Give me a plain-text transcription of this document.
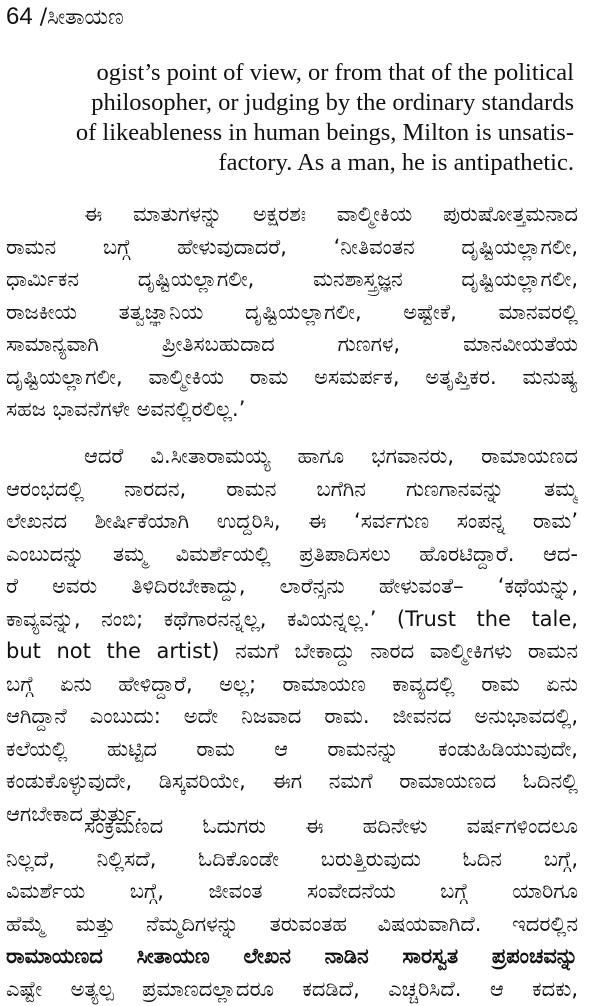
64 /ಸೀತಾಯಣ
ogist’s point of view, or from that of the political
philosopher, or judging by the ordinary standards
of likeableness in human beings, Milton is unsatis-
factory. As a man, he is antipathetic.
ಈ ಮಾತುಗಳನ್ನು ಅಕ್ಷರಶಃ ವಾಲ್ಮೀಕಿಯ ಪುರುಷೋತ್ತಮನಾದ
ರಾಮನ ಬಗ್ಗೆ ಹೇಳುವುದಾದರೆ, ‘ನೀತಿವಂತನ ದೃಷ್ಟಿಯಲ್ಲಾಗಲೀ,
ಧಾರ್ಮಿಕನ ದೃಷ್ಟಿಯಲ್ಲಾಗಲೀ, ಮನಶಾಸ್ತ್ರಜ್ಞನ ದೃಷ್ಟಿಯಲ್ಲಾಗಲೀ,
ರಾಜಕೀಯ ತತ್ವಜ್ಞಾನಿಯ ದೃಷ್ಟಿಯಲ್ಲಾಗಲೀ, ಅಷ್ಟೇಕೆ, ಮಾನವರಲ್ಲಿ
ಸಾಮಾನ್ಯವಾಗಿ ಪ್ರೀತಿಸಬಹುದಾದ ಗುಣಗಳ, ಮಾನವೀಯತೆಯ
ದೃಷ್ಟಿಯಲ್ಲಾಗಲೀ, ವಾಲ್ಮೀಕಿಯ ರಾಮ ಅಸಮರ್ಪಕ, ಅತೃಪ್ತಿಕರ. ಮನುಷ್ಯ
ಸಹಜ ಭಾವನೆಗಳೇ ಅವನಲ್ಲಿರಲಿಲ್ಲ.’
ಆದರೆ ವಿ.ಸೀತಾರಾಮಯ್ಯ ಹಾಗೂ ಭಗವಾನರು, ರಾಮಾಯಣದ
ಆರಂಭದಲ್ಲಿ ನಾರದನ, ರಾಮನ ಬಗೆಗಿನ ಗುಣಗಾನವನ್ನು ತಮ್ಮ
ಲೇಖನದ ಶೀರ್ಷಿಕೆಯಾಗಿ ಉದ್ದರಿಸಿ, ಈ ‘ಸರ್ವಗುಣ ಸಂಪನ್ನ ರಾಮ’
ಎಂಬುದನ್ನು ತಮ್ಮ ವಿಮರ್ಶೆಯಲ್ಲಿ ಪ್ರತಿಪಾದಿಸಲು ಹೊರಟಿದ್ದಾರೆ. ಆದ-
ರೆ ಅವರು ತಿಳಿದಿರಬೇಕಾದ್ದು, ಲಾರೆನ್ಸನು ಹೇಳುವಂತೆ– ‘ಕಥೆಯನ್ನು,
ಕಾವ್ಯವನ್ನು, ನಂಬಿ; ಕಥೆಗಾರನನ್ನಲ್ಲ, ಕವಿಯನ್ನಲ್ಲ.’ (Trust the tale,
but not the artist) ನಮಗೆ ಬೇಕಾದ್ದು ನಾರದ ವಾಲ್ಮೀಕಿಗಳು ರಾಮನ
ಬಗ್ಗೆ ಏನು ಹೇಳಿದ್ದಾರೆ, ಅಲ್ಲ; ರಾಮಾಯಣ ಕಾವ್ಯದಲ್ಲಿ ರಾಮ ಏನು
ಆಗಿದ್ದಾನೆ ಎಂಬುದು: ಅದೇ ನಿಜವಾದ ರಾಮ. ಜೀವನದ ಅನುಭಾವದಲ್ಲಿ,
ಕಲೆಯಲ್ಲಿ ಹುಟ್ಟಿದ ರಾಮ ಆ ರಾಮನನ್ನು ಕಂಡುಹಿಡಿಯುವುದೇ,
ಕಂಡುಕೊಳ್ಳುವುದೇ, ಡಿಸ್ಕವರಿಯೇ, ಈಗ ನಮಗೆ ರಾಮಾಯಣದ ಓದಿನಲ್ಲಿ
ಆಗಬೇಕಾದ ತುರ್ತು.
ಸಂಕ್ರಮಣದ ಓದುಗರು ಈ ಹದಿನೇಳು ವರ್ಷಗಳಿಂದಲೂ
ನಿಲ್ಲದೆ, ನಿಲ್ಲಿಸದೆ, ಓದಿಕೊಂಡೇ ಬರುತ್ತಿರುವುದು ಓದಿನ ಬಗ್ಗೆ,
ವಿಮರ್ಶೆಯ ಬಗ್ಗೆ, ಜೀವಂತ ಸಂವೇದನೆಯ ಬಗ್ಗೆ ಯಾರಿಗೂ
ಹೆಮ್ಮೆ ಮತ್ತು ನೆಮ್ಮದಿಗಳನ್ನು ತರುವಂತಹ ವಿಷಯವಾಗಿದೆ. ಇದರಲ್ಲಿನ
ರಾಮಾಯಣದ ಸೀತಾಯಣ ಲೇಖನ ನಾಡಿನ ಸಾರಸ್ವತ ಪ್ರಪಂಚವನ್ನು
ಎಷ್ಟೇ ಅತ್ಯಲ್ಪ ಪ್ರಮಾಣದಲ್ಲಾದರೂ ಕದಡಿದೆ, ಎಚ್ಚರಿಸಿದೆ. ಆ ಕದಕು,
